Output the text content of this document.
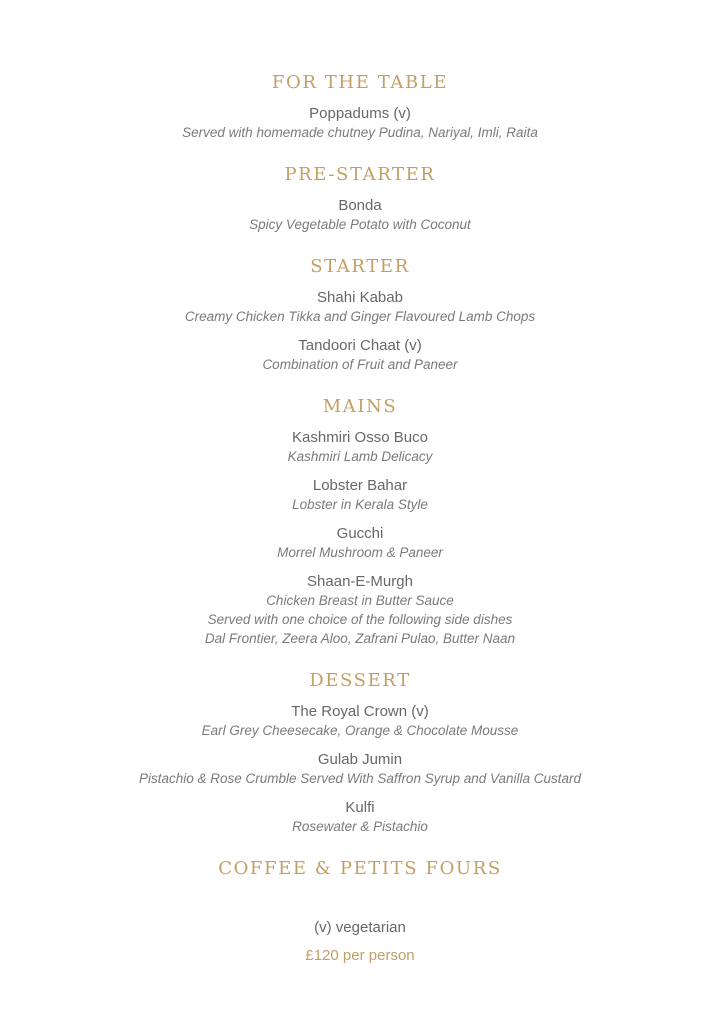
FOR THE TABLE
Poppadums (v)
Served with homemade chutney Pudina, Nariyal, Imli, Raita
PRE-STARTER
Bonda
Spicy Vegetable Potato with Coconut
STARTER
Shahi Kabab
Creamy Chicken Tikka and Ginger Flavoured Lamb Chops
Tandoori Chaat (v)
Combination of Fruit and Paneer
MAINS
Kashmiri Osso Buco
Kashmiri Lamb Delicacy
Lobster Bahar
Lobster in Kerala Style
Gucchi
Morrel Mushroom & Paneer
Shaan-E-Murgh
Chicken Breast in Butter Sauce
Served with one choice of the following side dishes
Dal Frontier, Zeera Aloo, Zafrani Pulao, Butter Naan
DESSERT
The Royal Crown (v)
Earl Grey Cheesecake, Orange & Chocolate Mousse
Gulab Jumin
Pistachio & Rose Crumble Served With Saffron Syrup and Vanilla Custard
Kulfi
Rosewater & Pistachio
COFFEE & PETITS FOURS
(v) vegetarian
£120 per person
